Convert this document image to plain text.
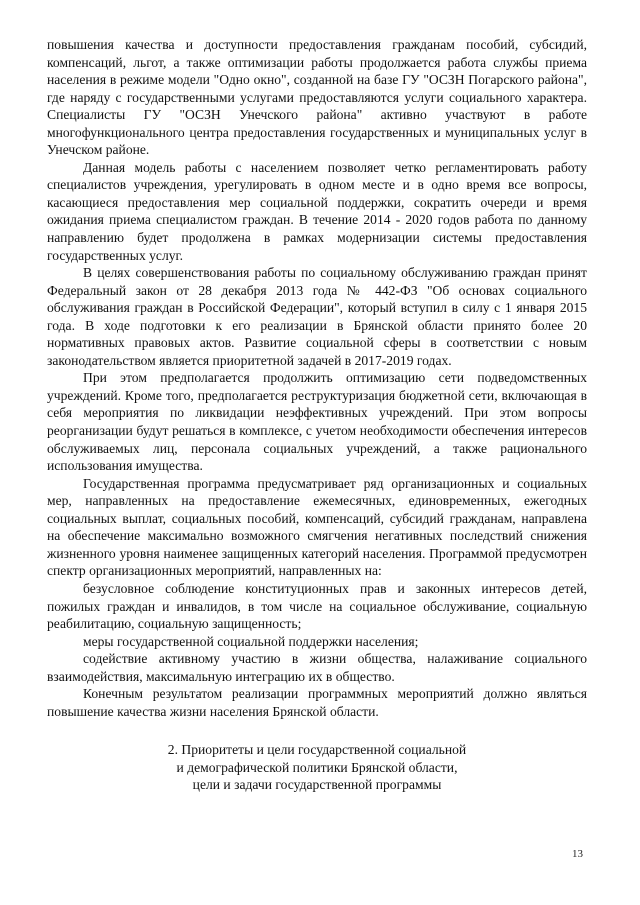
повышения качества и доступности предоставления гражданам пособий, субсидий, компенсаций, льгот, а также оптимизации работы продолжается работа службы приема населения в режиме модели "Одно окно", созданной на базе ГУ "ОСЗН Погарского района", где наряду с государственными услугами предоставляются услуги социального характера. Специалисты ГУ "ОСЗН Унечского района" активно участвуют в работе многофункционального центра предоставления государственных и муниципальных услуг в Унечском районе.

Данная модель работы с населением позволяет четко регламентировать работу специалистов учреждения, урегулировать в одном месте и в одно время все вопросы, касающиеся предоставления мер социальной поддержки, сократить очереди и время ожидания приема специалистом граждан. В течение 2014 - 2020 годов работа по данному направлению будет продолжена в рамках модернизации системы предоставления государственных услуг.

В целях совершенствования работы по социальному обслуживанию граждан принят Федеральный закон от 28 декабря 2013 года № 442-ФЗ "Об основах социального обслуживания граждан в Российской Федерации", который вступил в силу с 1 января 2015 года. В ходе подготовки к его реализации в Брянской области принято более 20 нормативных правовых актов. Развитие социальной сферы в соответствии с новым законодательством является приоритетной задачей в 2017-2019 годах.

При этом предполагается продолжить оптимизацию сети подведомственных учреждений. Кроме того, предполагается реструктуризация бюджетной сети, включающая в себя мероприятия по ликвидации неэффективных учреждений. При этом вопросы реорганизации будут решаться в комплексе, с учетом необходимости обеспечения интересов обслуживаемых лиц, персонала социальных учреждений, а также рационального использования имущества.

Государственная программа предусматривает ряд организационных и социальных мер, направленных на предоставление ежемесячных, единовременных, ежегодных социальных выплат, социальных пособий, компенсаций, субсидий гражданам, направлена на обеспечение максимально возможного смягчения негативных последствий снижения жизненного уровня наименее защищенных категорий населения. Программой предусмотрен спектр организационных мероприятий, направленных на:

безусловное соблюдение конституционных прав и законных интересов детей, пожилых граждан и инвалидов, в том числе на социальное обслуживание, социальную реабилитацию, социальную защищенность;

меры государственной социальной поддержки населения;

содействие активному участию в жизни общества, налаживание социального взаимодействия, максимальную интеграцию их в общество.

Конечным результатом реализации программных мероприятий должно являться повышение качества жизни населения Брянской области.

2. Приоритеты и цели государственной социальной
и демографической политики Брянской области,
цели и задачи государственной программы
13
